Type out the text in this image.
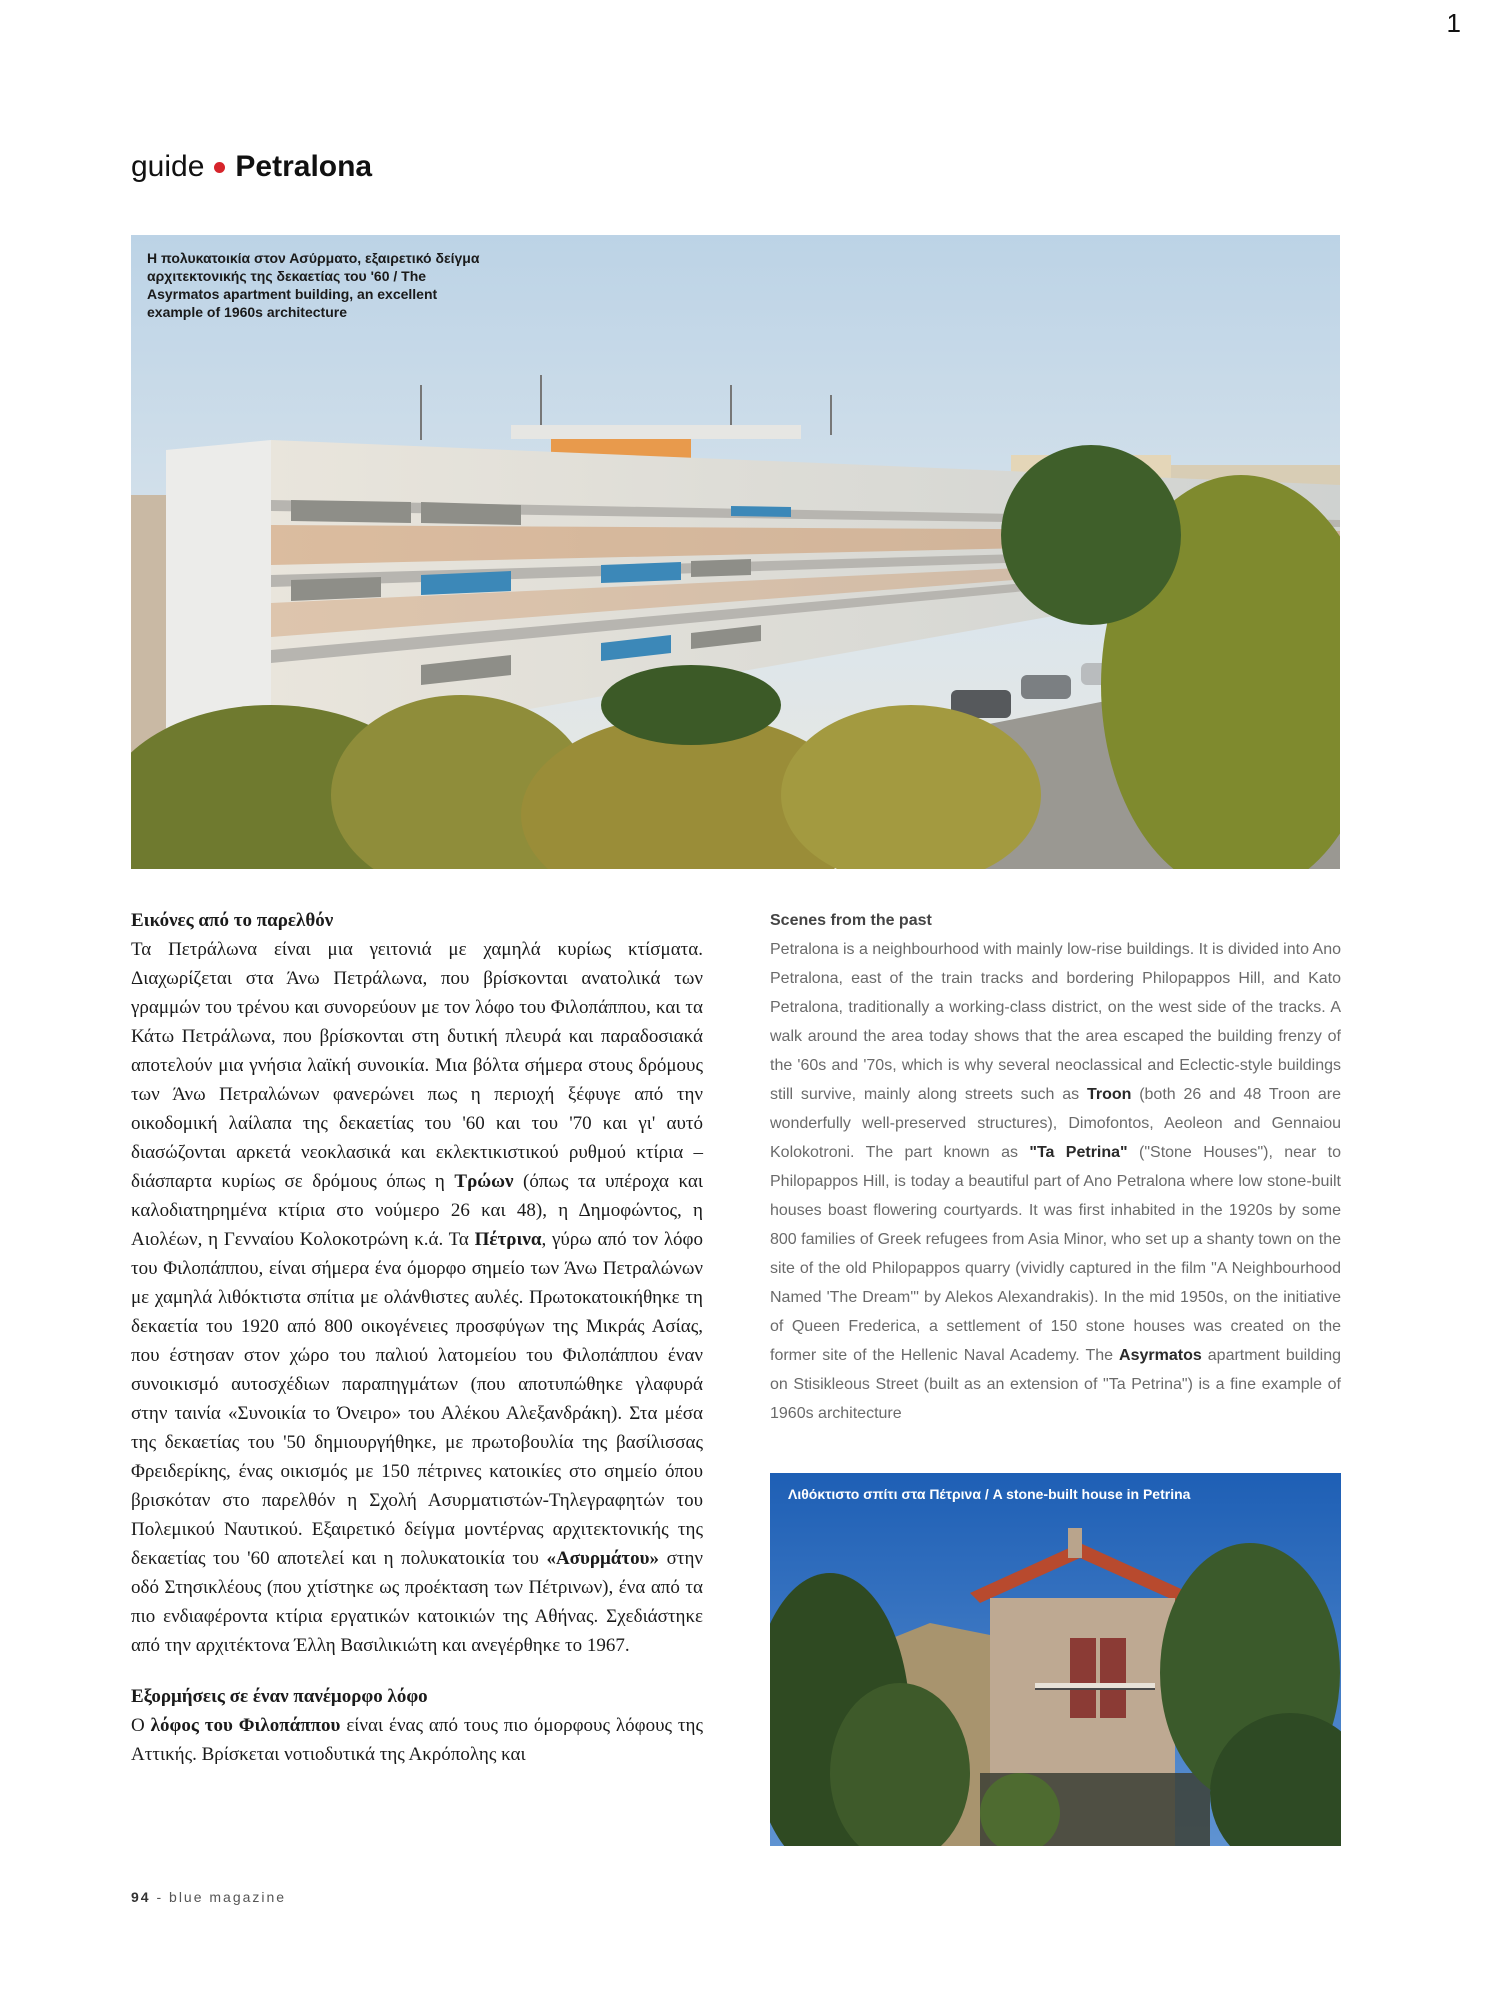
1
guide Petralona
Η πολυκατοικία στον Ασύρματο, εξαιρετικό δείγμα αρχιτεκτονικής της δεκαετίας του '60 / The Asyrmatos apartment building, an excellent example of 1960s architecture
Εικόνες από το παρελθόν

Τα Πετράλωνα είναι μια γειτονιά με χαμηλά κυρίως κτίσματα. Διαχωρίζεται στα Άνω Πετράλωνα, που βρίσκονται ανατολικά των γραμμών του τρένου και συνορεύουν με τον λόφο του Φιλοπάππου, και τα Κάτω Πετράλωνα, που βρίσκονται στη δυτική πλευρά και παραδοσιακά αποτελούν μια γνήσια λαϊκή συνοικία. Μια βόλτα σήμερα στους δρόμους των Άνω Πετραλώνων φανερώνει πως η περιοχή ξέφυγε από την οικοδομική λαίλαπα της δεκαετίας του '60 και του '70 και γι' αυτό διασώζονται αρκετά νεοκλασικά και εκλεκτικιστικού ρυθμού κτίρια – διάσπαρτα κυρίως σε δρόμους όπως η Τρώων (όπως τα υπέροχα και καλοδιατηρημένα κτίρια στο νούμερο 26 και 48), η Δημοφώντος, η Αιολέων, η Γενναίου Κολοκοτρώνη κ.ά. Τα Πέτρινα, γύρω από τον λόφο του Φιλοπάππου, είναι σήμερα ένα όμορφο σημείο των Άνω Πετραλώνων με χαμηλά λιθόκτιστα σπίτια με ολάνθιστες αυλές. Πρωτοκατοικήθηκε τη δεκαετία του 1920 από 800 οικογένειες προσφύγων της Μικράς Ασίας, που έστησαν στον χώρο του παλιού λατομείου του Φιλοπάππου έναν συνοικισμό αυτοσχέδιων παραπηγμάτων (που αποτυπώθηκε γλαφυρά στην ταινία «Συνοικία το Όνειρο» του Αλέκου Αλεξανδράκη). Στα μέσα της δεκαετίας του '50 δημιουργήθηκε, με πρωτοβουλία της βασίλισσας Φρειδερίκης, ένας οικισμός με 150 πέτρινες κατοικίες στο σημείο όπου βρισκόταν στο παρελθόν η Σχολή Ασυρματιστών-Τηλεγραφητών του Πολεμικού Ναυτικού. Εξαιρετικό δείγμα μοντέρνας αρχιτεκτονικής της δεκαετίας του '60 αποτελεί και η πολυκατοικία του «Ασυρμάτου» στην οδό Στησικλέους (που χτίστηκε ως προέκταση των Πέτρινων), ένα από τα πιο ενδιαφέροντα κτίρια εργατικών κατοικιών της Αθήνας. Σχεδιάστηκε από την αρχιτέκτονα Έλλη Βασιλικιώτη και ανεγέρθηκε το 1967.

Εξορμήσεις σε έναν πανέμορφο λόφο

Ο λόφος του Φιλοπάππου είναι ένας από τους πιο όμορφους λόφους της Αττικής. Βρίσκεται νοτιοδυτικά της Ακρόπολης και

Scenes from the past

Petralona is a neighbourhood with mainly low-rise buildings. It is divided into Ano Petralona, east of the train tracks and bordering Philopappos Hill, and Kato Petralona, traditionally a working-class district, on the west side of the tracks. A walk around the area today shows that the area escaped the building frenzy of the '60s and '70s, which is why several neoclassical and Eclectic-style buildings still survive, mainly along streets such as Troon (both 26 and 48 Troon are wonderfully well-preserved structures), Dimofontos, Aeoleon and Gennaiou Kolokotroni. The part known as "Ta Petrina" ("Stone Houses"), near to Philopappos Hill, is today a beautiful part of Ano Petralona where low stone-built houses boast flowering courtyards. It was first inhabited in the 1920s by some 800 families of Greek refugees from Asia Minor, who set up a shanty town on the site of the old Philopappos quarry (vividly captured in the film "A Neighbourhood Named 'The Dream'" by Alekos Alexandrakis). In the mid 1950s, on the initiative of Queen Frederica, a settlement of 150 stone houses was created on the former site of the Hellenic Naval Academy. The Asyrmatos apartment building on Stisikleous Street (built as an extension of "Ta Petrina") is a fine example of 1960s architecture

Λιθόκτιστο σπίτι στα Πέτρινα / A stone-built house in Petrina
94 - blue magazine
